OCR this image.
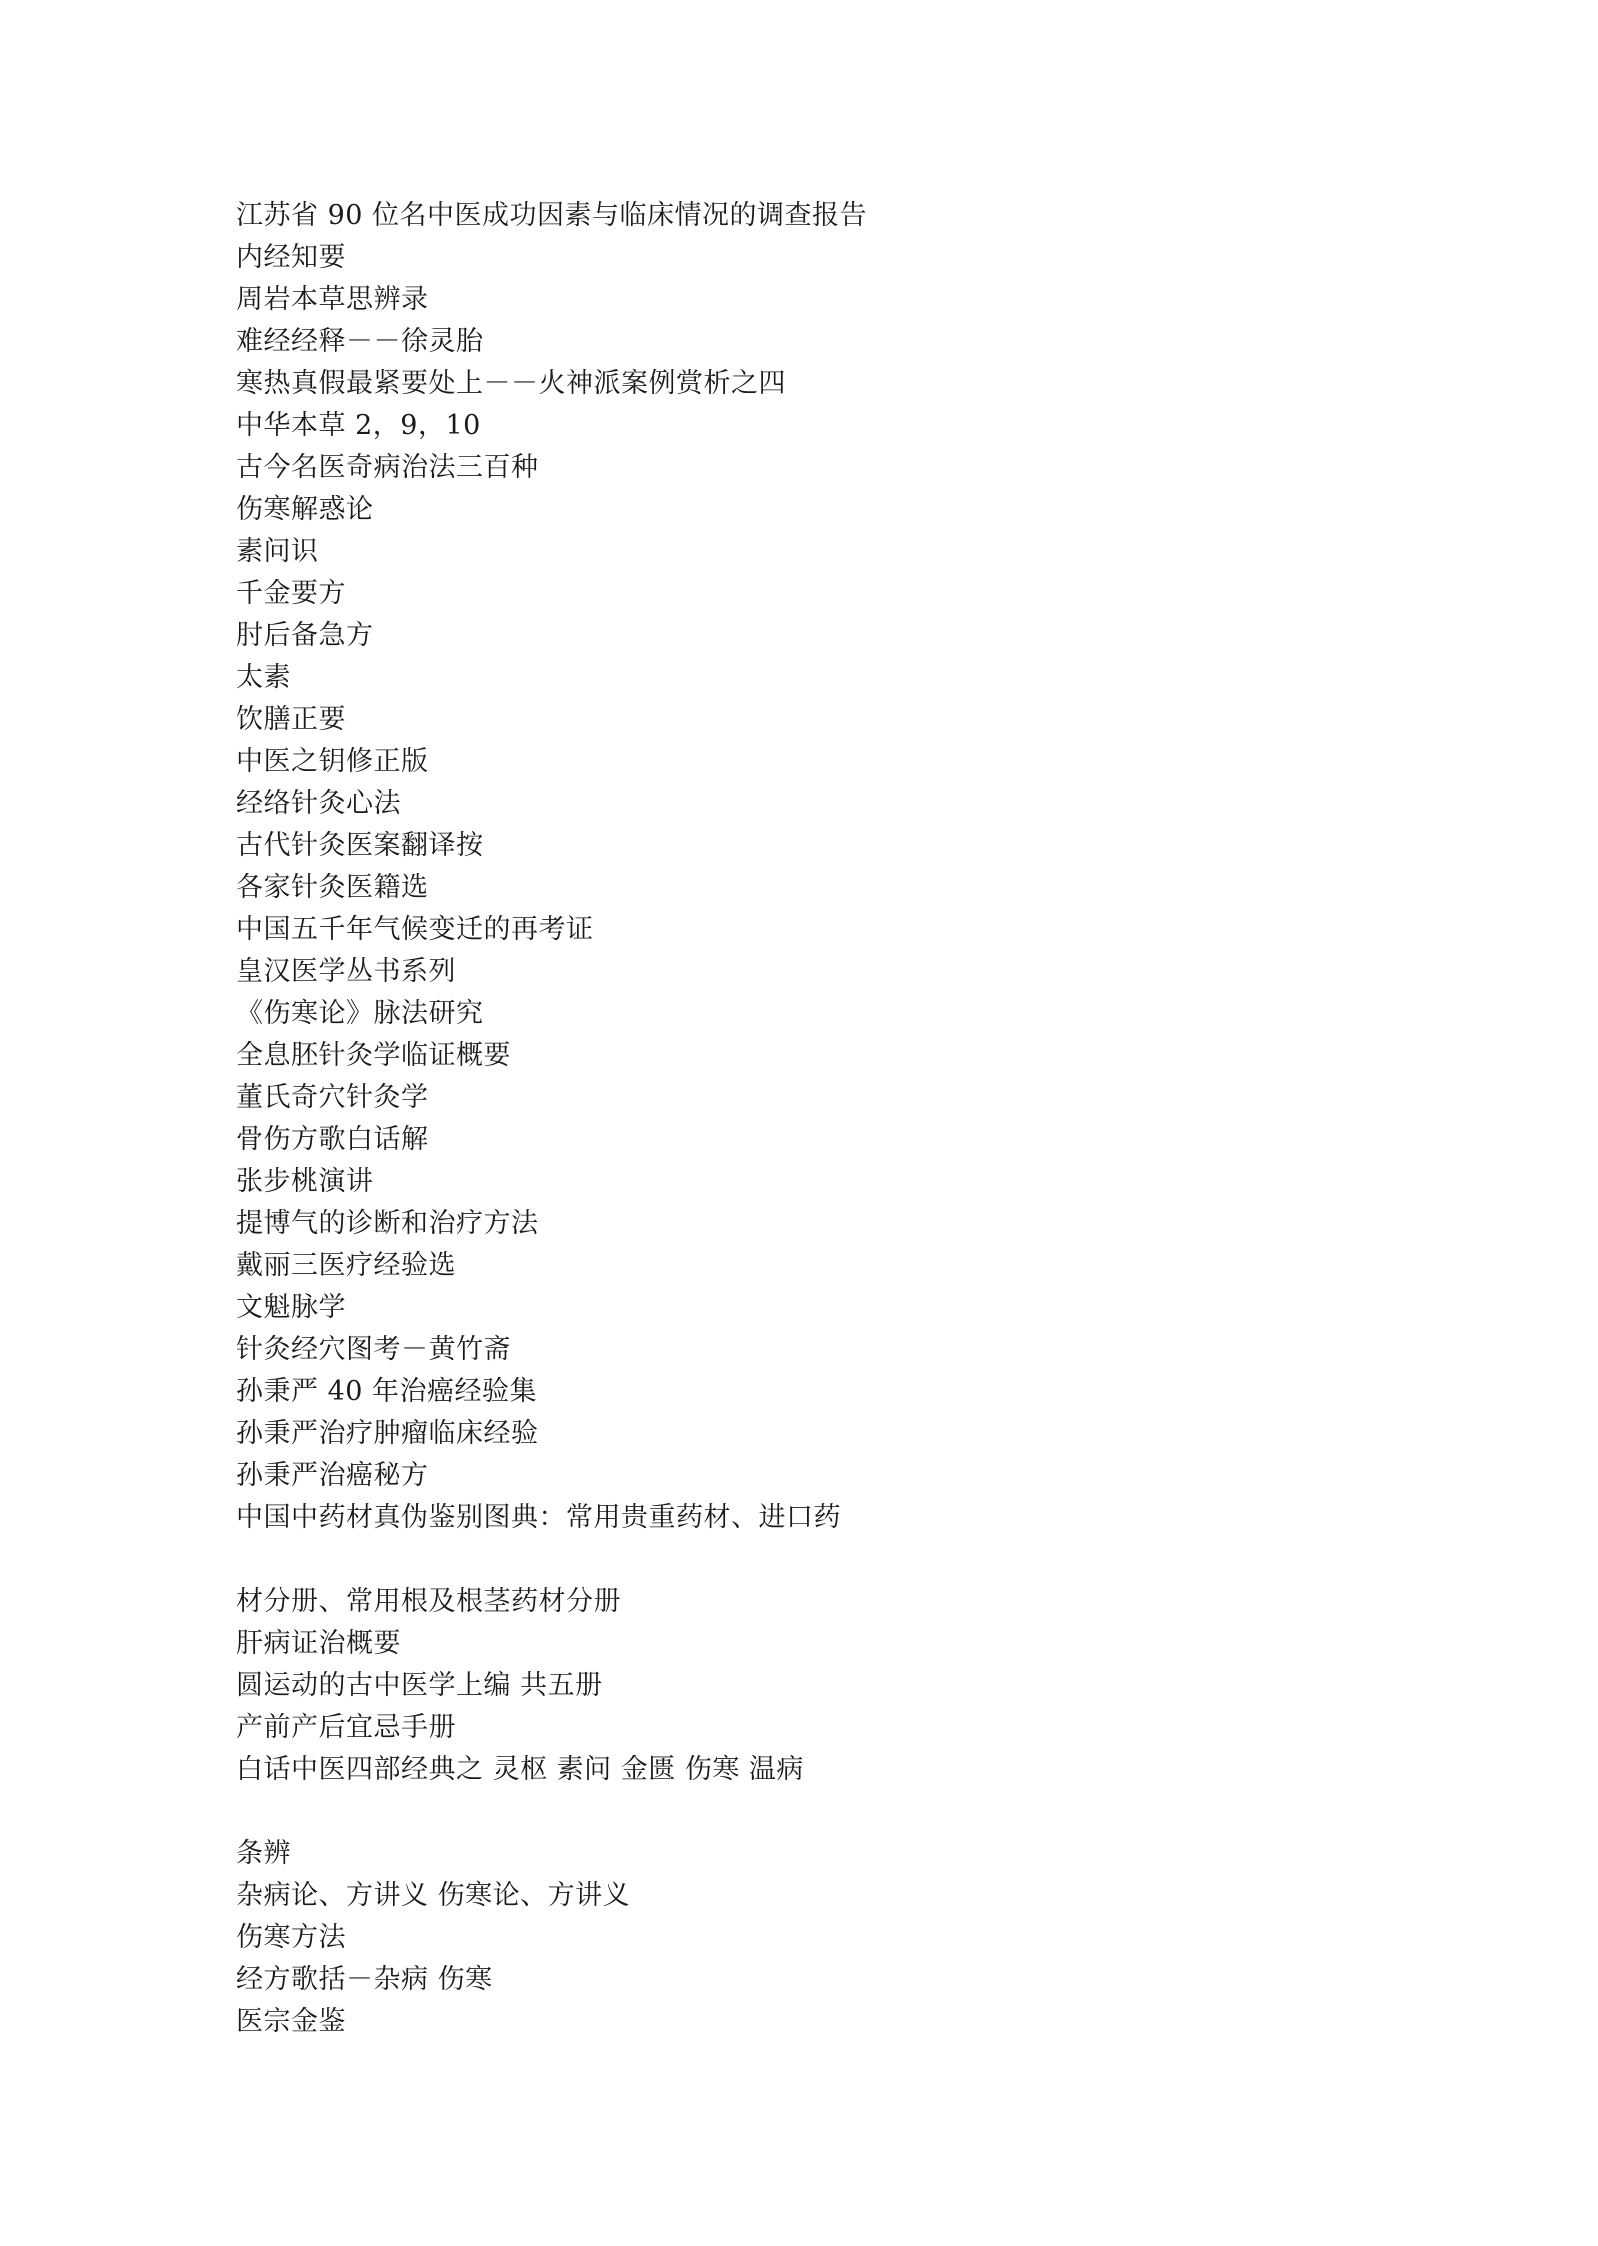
江苏省 90 位名中医成功因素与临床情况的调查报告
内经知要
周岩本草思辨录
难经经释－－徐灵胎
寒热真假最紧要处上－－火神派案例赏析之四
中华本草 2，9，10
古今名医奇病治法三百种
伤寒解惑论
素问识
千金要方
肘后备急方
太素
饮膳正要
中医之钥修正版
经络针灸心法
古代针灸医案翻译按
各家针灸医籍选
中国五千年气候变迁的再考证
皇汉医学丛书系列
《伤寒论》脉法研究
全息胚针灸学临证概要
董氏奇穴针灸学
骨伤方歌白话解
张步桃演讲
提博气的诊断和治疗方法
戴丽三医疗经验选
文魁脉学
针灸经穴图考－黄竹斋
孙秉严 40 年治癌经验集
孙秉严治疗肿瘤临床经验
孙秉严治癌秘方
中国中药材真伪鉴别图典：常用贵重药材、进口药
材分册、常用根及根茎药材分册
肝病证治概要
圆运动的古中医学上编 共五册
产前产后宜忌手册
白话中医四部经典之 灵枢 素问 金匮 伤寒 温病
条辨
杂病论、方讲义 伤寒论、方讲义
伤寒方法
经方歌括－杂病 伤寒
医宗金鉴
